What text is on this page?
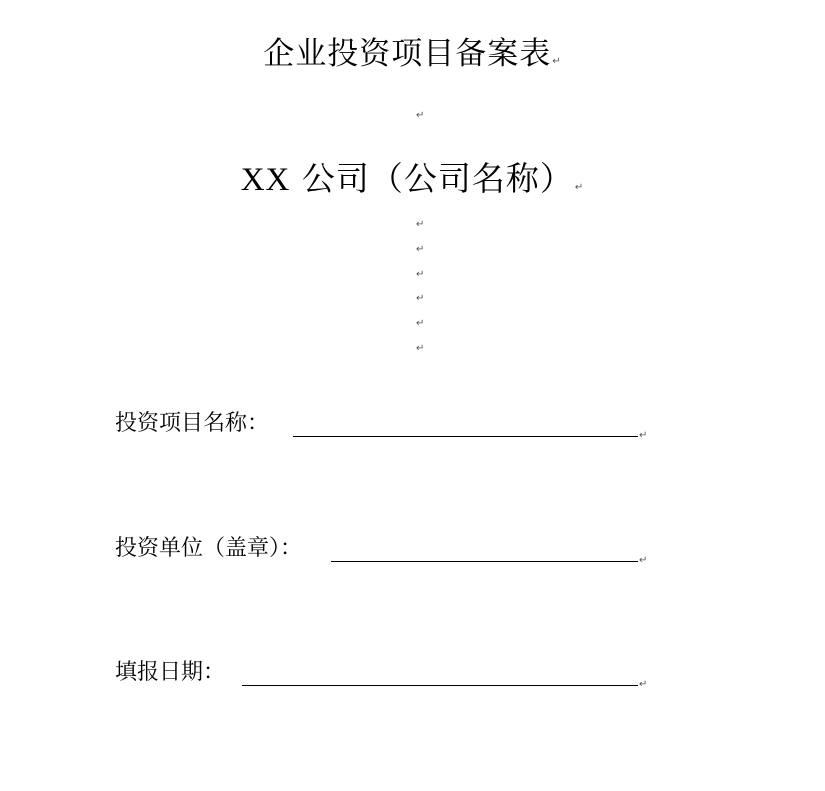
企业投资项目备案表↵
↵
XX 公司（公司名称）↵
↵
↵
↵
↵
↵
↵
投资项目名称：	↵
投资单位（盖章）：	↵
填报日期：	↵
